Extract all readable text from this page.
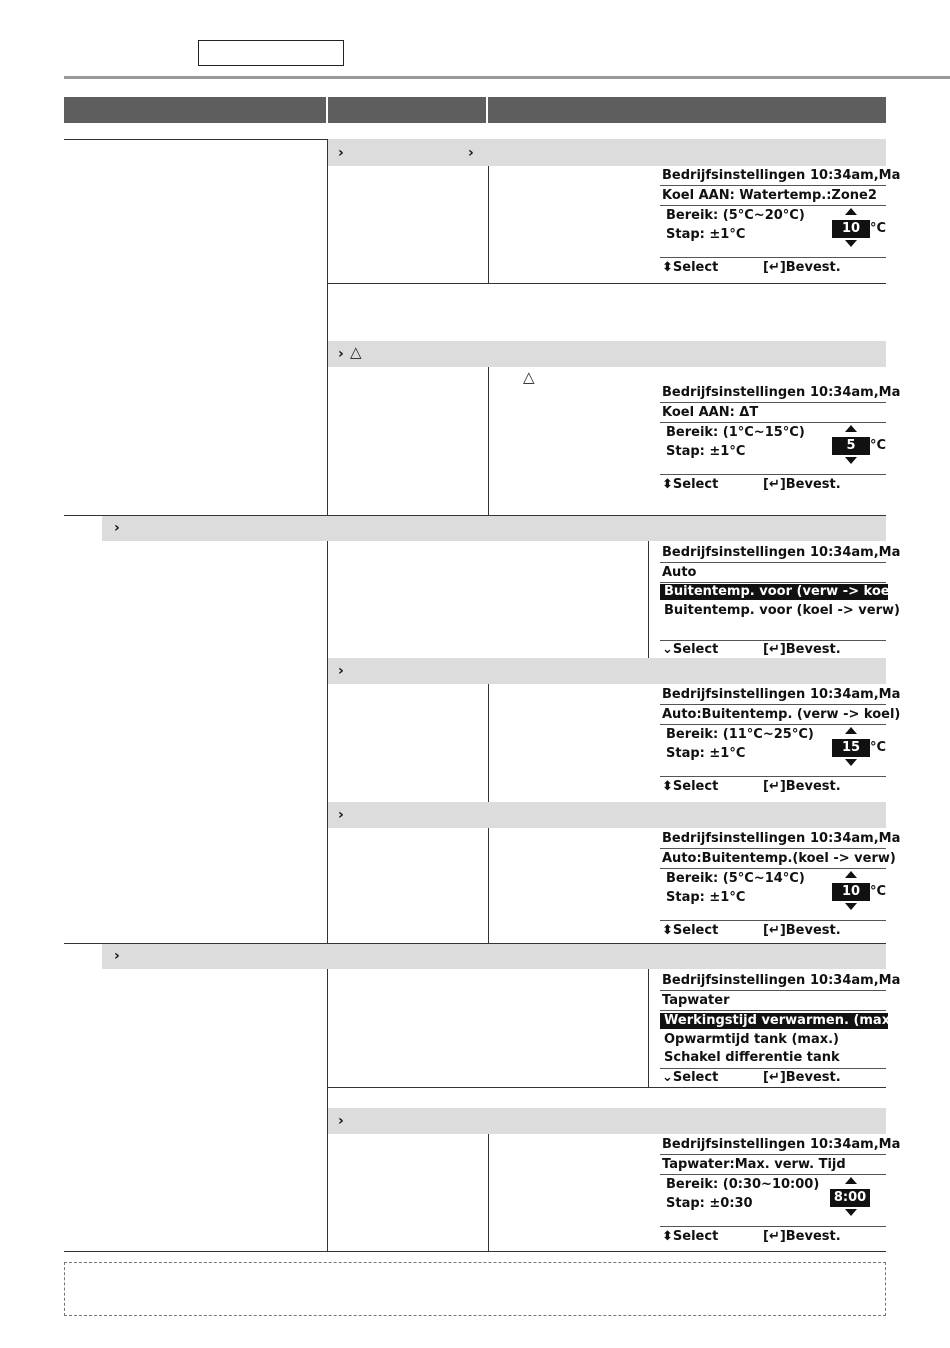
›	›
› △
△
›
›
›
›
›
Bedrijfsinstellingen 10:34am,Ma
Koel AAN: Watertemp.:Zone2
Bereik: (5°C~20°C)
Stap: ±1°C	10 °C
⬍Select	[↵]Bevest.
Bedrijfsinstellingen 10:34am,Ma
Koel AAN: ΔT
Bereik: (1°C~15°C)
Stap: ±1°C	5	°C
⬍Select	[↵]Bevest.
Bedrijfsinstellingen 10:34am,Ma
Auto
Buitentemp. voor (verw -> koel)
Buitentemp. voor (koel -> verw)
⌄Select	[↵]Bevest.
Bedrijfsinstellingen 10:34am,Ma
Auto:Buitentemp. (verw -> koel)
Bereik: (11°C~25°C)
Stap: ±1°C	15 °C
⬍Select	[↵]Bevest.
Bedrijfsinstellingen 10:34am,Ma
Auto:Buitentemp.(koel -> verw)
Bereik: (5°C~14°C)
Stap: ±1°C	10 °C
⬍Select	[↵]Bevest.
Bedrijfsinstellingen 10:34am,Ma
Tapwater
Werkingstijd verwarmen. (max.)
Opwarmtijd tank (max.)
Schakel differentie tank
⌄Select	[↵]Bevest.
Bedrijfsinstellingen 10:34am,Ma
Tapwater:Max. verw. Tijd
Bereik: (0:30~10:00)
Stap: ±0:30	8:00
⬍Select	[↵]Bevest.
